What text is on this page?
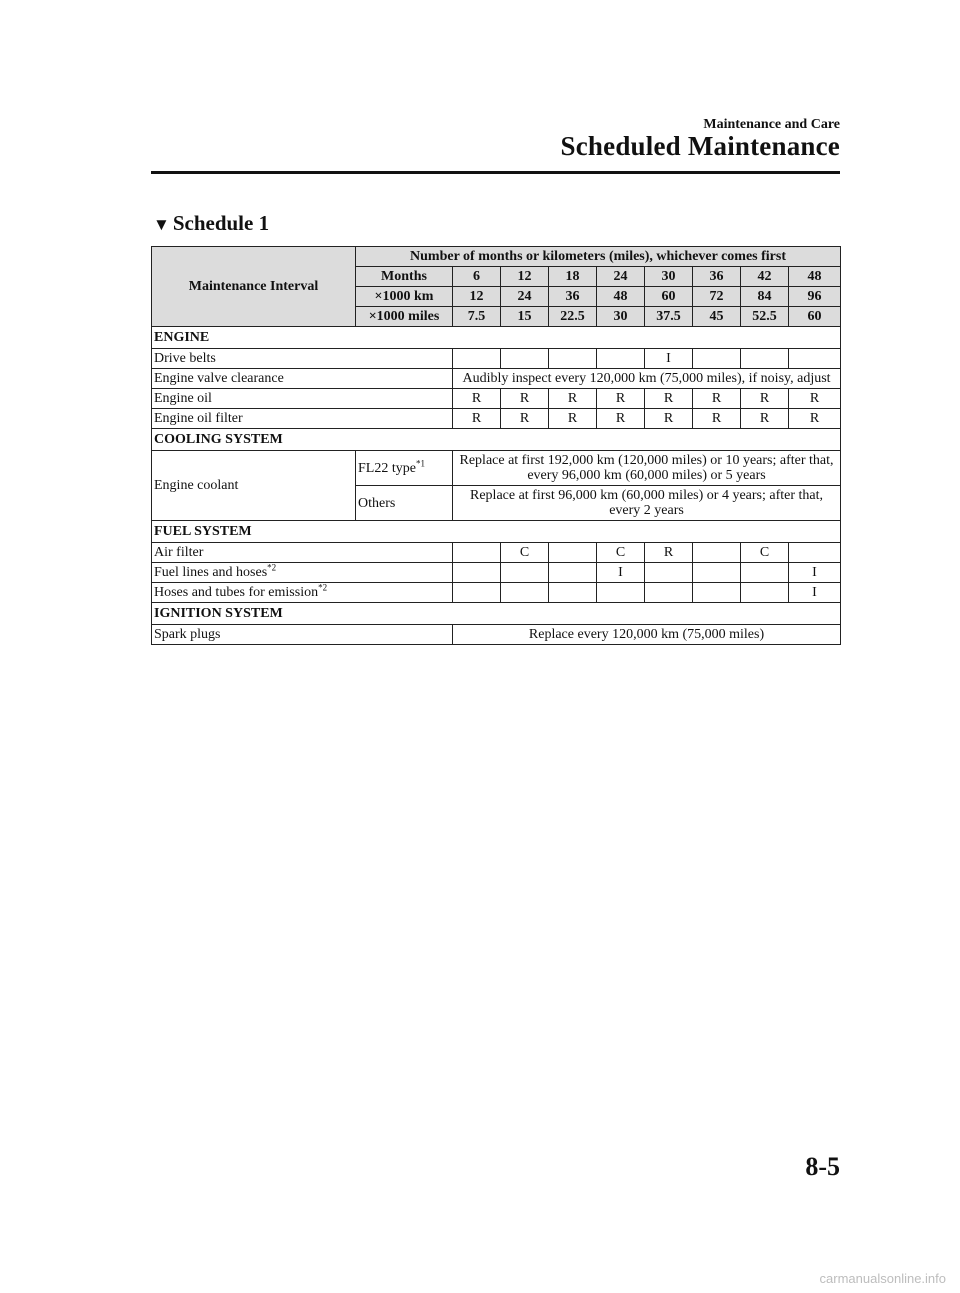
Maintenance and Care
Scheduled Maintenance
▼ Schedule 1
Maintenance Interval	Number of months or kilometers (miles), whichever comes first								
	Months	6	12	18	24	30	36	42	48
	×1000 km	12	24	36	48	60	72	84	96
	×1000 miles	7.5	15	22.5	30	37.5	45	52.5	60
ENGINE									
Drive belts						I			
Engine valve clearance		Audibly inspect every 120,000 km (75,000 miles), if noisy, adjust							
Engine oil		R	R	R	R	R	R	R	R
Engine oil filter		R	R	R	R	R	R	R	R
COOLING SYSTEM									
Engine coolant	FL22 type$^{*1}$	Replace at first 192,000 km (120,000 miles) or 10 years; after that, every 96,000 km (60,000 miles) or 5 years							
	Others	Replace at first 96,000 km (60,000 miles) or 4 years; after that, every 2 years							
FUEL SYSTEM									
Air filter			C		C	R		C	
Fuel lines and hoses$^{*2}$					I				I
Hoses and tubes for emission$^{*2}$									I
IGNITION SYSTEM									
Spark plugs		Replace every 120,000 km (75,000 miles)							
8-5
carmanualsonline.info
